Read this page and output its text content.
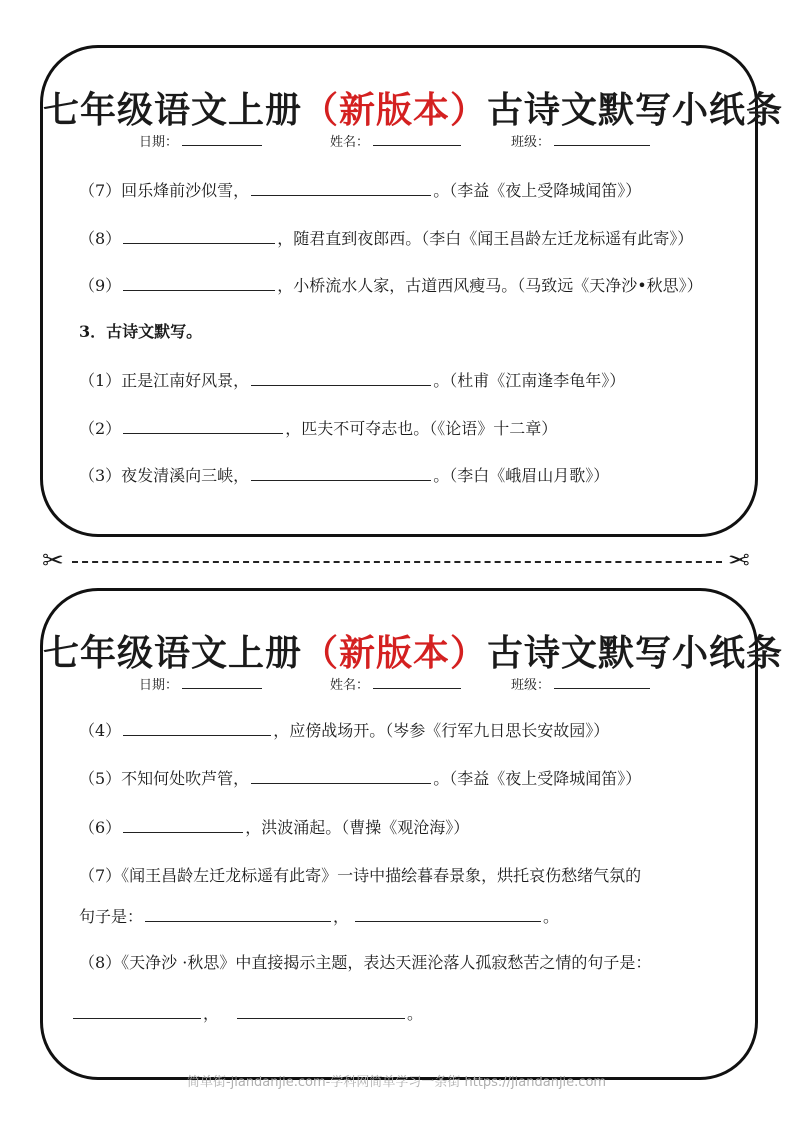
七年级语文上册（新版本）古诗文默写小纸条
日期：	姓名：	班级：
（7）回乐烽前沙似雪，	。（李益《夜上受降城闻笛》）
（8）	，随君直到夜郎西。（李白《闻王昌龄左迁龙标遥有此寄》）
（9）	，小桥流水人家，古道西风瘦马。（马致远《天净沙•秋思》）
3．古诗文默写。
（1）正是江南好风景，	。（杜甫《江南逢李龟年》）
（2）	，匹夫不可夺志也。（《论语》十二章）
（3）夜发清溪向三峡，	。（李白《峨眉山月歌》）
✂	✂
七年级语文上册（新版本）古诗文默写小纸条
日期：	姓名：	班级：
（4）	，应傍战场开。（岑参《行军九日思长安故园》）
（5）不知何处吹芦管，	。（李益《夜上受降城闻笛》）
（6）	，洪波涌起。（曹操《观沧海》）
（7）《闻王昌龄左迁龙标遥有此寄》一诗中描绘暮春景象，烘托哀伤愁绪气氛的
句子是：	，	。
（8）《天净沙 ·秋思》中直接揭示主题，表达天涯沦落人孤寂愁苦之情的句子是：
，	。
简单街-jiandanjie.com-学科网简单学习一条街 https://jiandanjie.com
